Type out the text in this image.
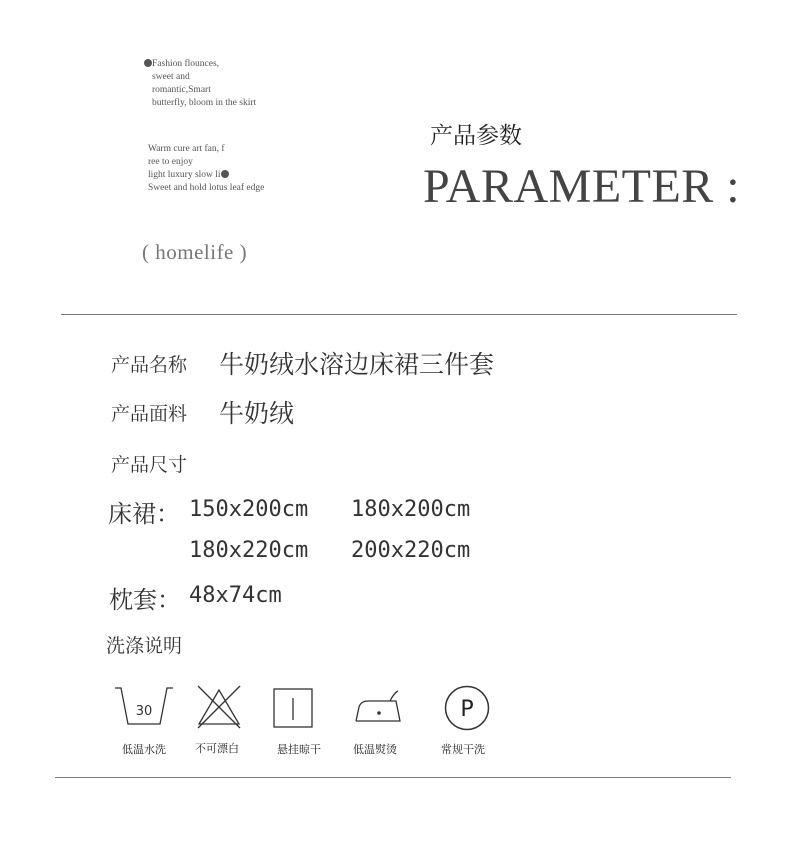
Fashion flounces,
sweet and
romantic,Smart
butterfly, bloom in the skirt
Warm cure art fan, f
ree to enjoy
light luxury slow li
Sweet and hold lotus leaf edge
( homelife )
产品参数
PARAMETER :
产品名称 牛奶绒水溶边床裙三件套
产品面料 牛奶绒
产品尺寸
床裙： 150x200cm 180x200cm
180x220cm 200x220cm
枕套： 48x74cm
洗涤说明
30
低温水洗	不可漂白	悬挂晾干	低温熨烫
P
常规干洗
